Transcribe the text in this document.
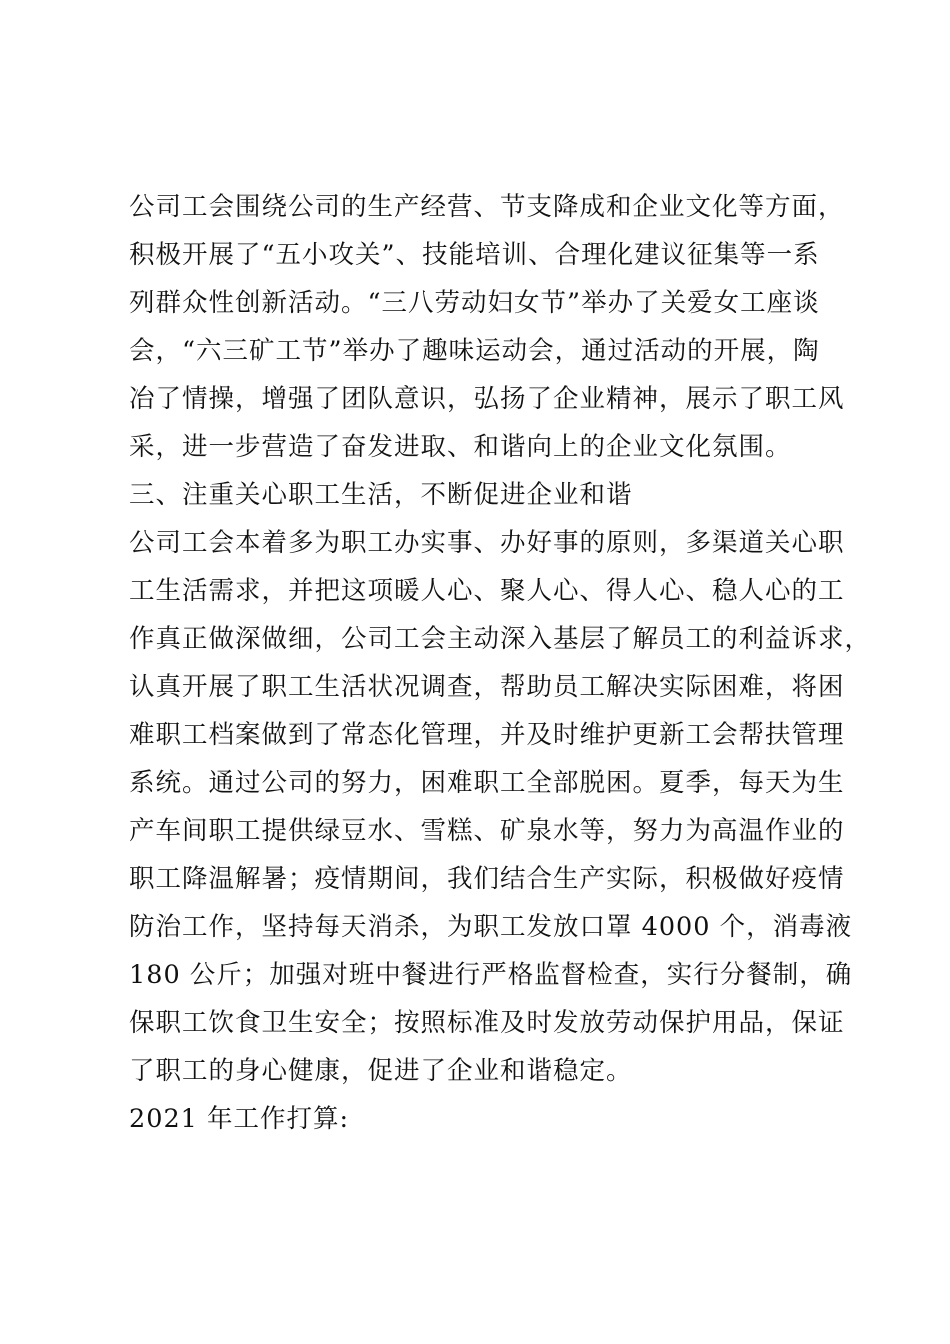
公司工会围绕公司的生产经营、节支降成和企业文化等方面，

积极开展了“五小攻关”、技能培训、合理化建议征集等一系

列群众性创新活动。“三八劳动妇女节”举办了关爱女工座谈

会，“六三矿工节”举办了趣味运动会，通过活动的开展，陶

冶了情操，增强了团队意识，弘扬了企业精神，展示了职工风

采，进一步营造了奋发进取、和谐向上的企业文化氛围。

三、注重关心职工生活，不断促进企业和谐

公司工会本着多为职工办实事、办好事的原则，多渠道关心职

工生活需求，并把这项暖人心、聚人心、得人心、稳人心的工

作真正做深做细，公司工会主动深入基层了解员工的利益诉求，

认真开展了职工生活状况调查，帮助员工解决实际困难，将困

难职工档案做到了常态化管理，并及时维护更新工会帮扶管理

系统。通过公司的努力，困难职工全部脱困。夏季，每天为生

产车间职工提供绿豆水、雪糕、矿泉水等，努力为高温作业的

职工降温解暑；疫情期间，我们结合生产实际，积极做好疫情

防治工作，坚持每天消杀，为职工发放口罩 4000 个，消毒液

180 公斤；加强对班中餐进行严格监督检查，实行分餐制，确

保职工饮食卫生安全；按照标准及时发放劳动保护用品，保证

了职工的身心健康，促进了企业和谐稳定。

2021 年工作打算:
